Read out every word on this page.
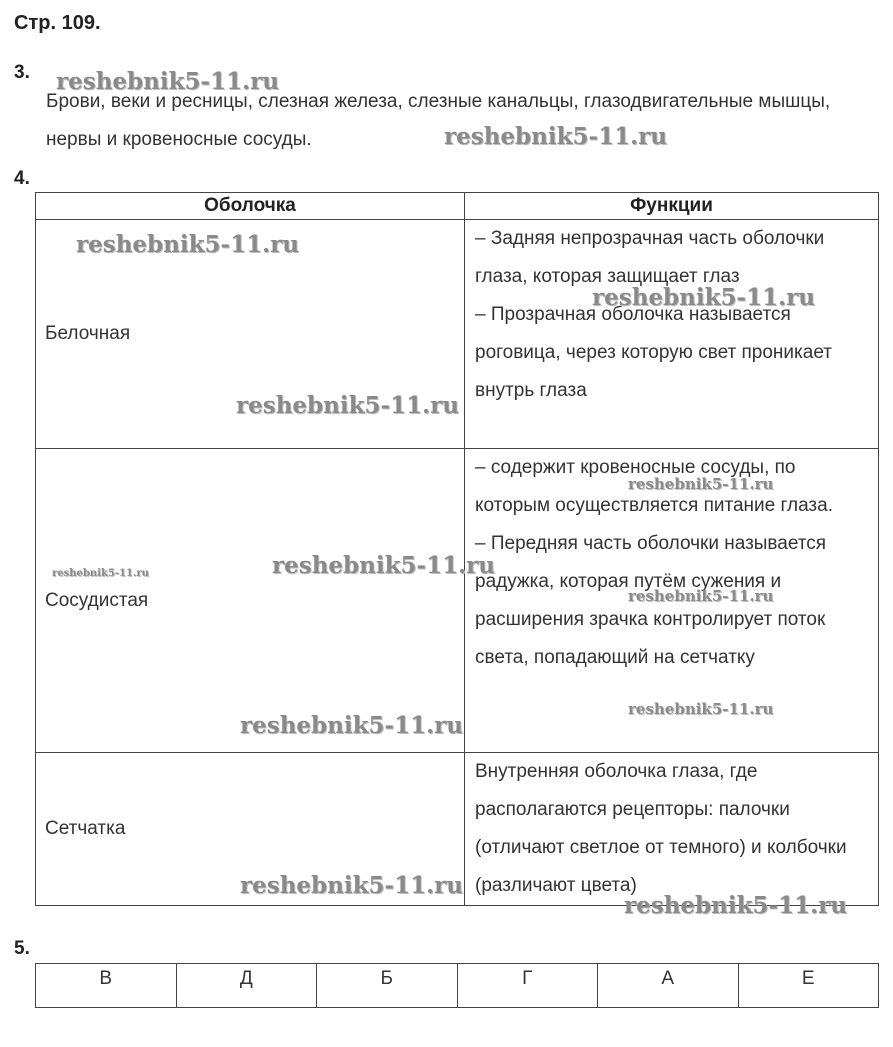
Стр. 109.
3.
Брови, веки и ресницы, слезная железа, слезные канальцы, глазодвигательные мышцы, нервы и кровеносные сосуды.
4.
Оболочка	Функции
Белочная	– Задняя непрозрачная часть оболочки глаза, которая защищает глаз
– Прозрачная оболочка называется роговица, через которую свет проникает внутрь глаза
Сосудистая	– содержит кровеносные сосуды, по которым осуществляется питание глаза.
– Передняя часть оболочки называется радужка, которая путём сужения и расширения зрачка контролирует поток света, попадающий на сетчатку
Сетчатка	Внутренняя оболочка глаза, где располагаются рецепторы: палочки (отличают светлое от темного) и колбочки (различают цвета)
5.
В	Д	Б	Г	А	Е
reshebnik5-11.ru
reshebnik5-11.ru
reshebnik5-11.ru
reshebnik5-11.ru
reshebnik5-11.ru
reshebnik5-11.ru
reshebnik5-11.ru	reshebnik5-11.ru
reshebnik5-11.ru
reshebnik5-11.ru
reshebnik5-11.ru
reshebnik5-11.ru
reshebnik5-11.ru
